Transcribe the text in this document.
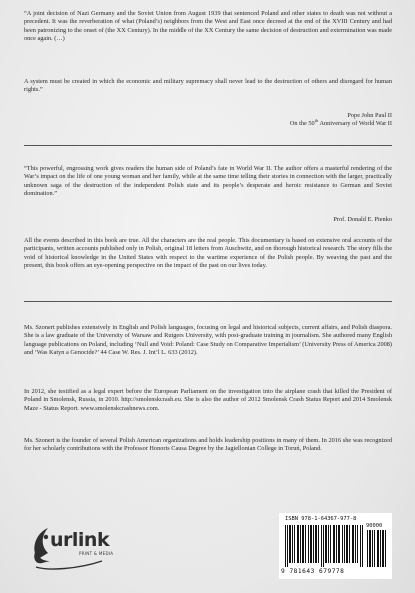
“A joint decision of Nazi Germany and the Soviet Union from August 1939 that sentenced Poland and other states to death was not without a precedent. It was the reverberation of what (Poland’s) neighbors from the West and East once decreed at the end of the XVIII Century and had been patronizing to the onset of (the XX Century). In the middle of the XX Century the same decision of destruction and extermination was made once again. (…)

A system must be created in which the economic and military supremacy shall never lead to the destruction of others and disregard for human rights.”

Pope John Paul II

On the 50th Anniversary of World War II

“This powerful, engrossing work gives readers the human side of Poland’s fate in World War II. The author offers a masterful rendering of the War’s impact on the life of one young woman and her family, while at the same time telling their stories in connection with the larger, practically unknown saga of the destruction of the independent Polish state and its people’s desperate and heroic resistance to German and Soviet domination.”

Prof. Donald E. Pienko

All the events described in this book are true. All the characters are the real people. This documentary is based on extensive oral accounts of the participants, written accounts published only in Polish, original 18 letters from Auschwitz, and on thorough historical research. The story fills the void of historical knowledge in the United States with respect to the wartime experience of the Polish people. By weaving the past and the present, this book offers an eye-opening perspective on the impact of the past on our lives today.

Ms. Szonert publishes extensively in English and Polish languages, focusing on legal and historical subjects, current affairs, and Polish diaspora. She is a law graduate of the University of Warsaw and Rutgers University, with post-graduate training in journalism. She authored many English language publications on Poland, including ‘Null and Void: Poland: Case Study on Comparative Imperialism’ (University Press of America 2008) and ‘Was Katyn a Genocide?’ 44 Case W. Res. J. Int’l L. 633 (2012).

In 2012, she testified as a legal expert before the European Parliament on the investigation into the airplane crash that killed the President of Poland in Smolensk, Russia, in 2010. http://smolenskcrash.eu. She is also the author of 2012 Smolensk Crash Status Report and 2014 Smolensk Maze - Status Report. www.smolenskcrashnews.com.

Ms. Szonert is the founder of several Polish American organizations and holds leadership positions in many of them. In 2016 she was recognized for her scholarly contributions with the Professor Honoris Causa Degree by the Jagiellonian College in Toruń, Poland.

urlink
PRINT & MEDIA
ISBN 978-1-64367-977-8
90000
9 781643 679778
